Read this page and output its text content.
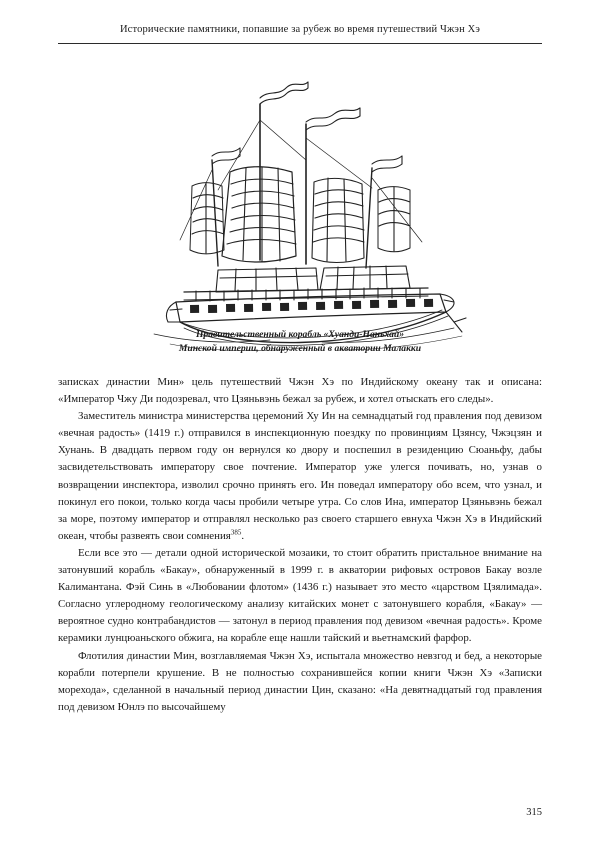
Исторические памятники, попавшие за рубеж во время путешествий Чжэн Хэ
Правительственный корабль «Хуанди-Наньхай»
Минской империи, обнаруженный в акватории Малакки

записках династии Мин» цель путешествий Чжэн Хэ по Индийскому океану так и описана: «Император Чжу Ди подозревал, что Цзяньвэнь бежал за рубеж, и хотел отыскать его следы».

Заместитель министра министерства церемоний Ху Ин на семнадцатый год правления под девизом «вечная радость» (1419 г.) отправился в инспекционную поездку по провинциям Цзянсу, Чжэцзян и Хунань. В двадцать первом году он вернулся ко двору и поспешил в резиденцию Сюаньфу, дабы засвидетельствовать императору свое почтение. Император уже улегся почивать, но, узнав о возвращении инспектора, изволил срочно принять его. Ин поведал императору обо всем, что узнал, и покинул его покои, только когда часы пробили четыре утра. Со слов Ина, император Цзяньвэнь бежал за море, поэтому император и отправлял несколько раз своего старшего евнуха Чжэн Хэ в Индийский океан, чтобы развеять свои сомнения$^{385}$.

Если все это — детали одной исторической мозаики, то стоит обратить пристальное внимание на затонувший корабль «Бакау», обнаруженный в 1999 г. в акватории рифовых островов Бакау возле Калимантана. Фэй Синь в «Любовании флотом» (1436 г.) называет это место «царством Цзялимада». Согласно углеродному геологическому анализу китайских монет с затонувшего корабля, «Бакау» — вероятное судно контрабандистов — затонул в период правления под девизом «вечная радость». Кроме керамики лунцюаньского обжига, на корабле еще нашли тайский и вьетнамский фарфор.

Флотилия династии Мин, возглавляемая Чжэн Хэ, испытала множество невзгод и бед, а некоторые корабли потерпели крушение. В не полностью сохранившейся копии книги Чжэн Хэ «Записки морехода», сделанной в начальный период династии Цин, сказано: «На девятнадцатый год правления под девизом Юнлэ по высочайшему

315
